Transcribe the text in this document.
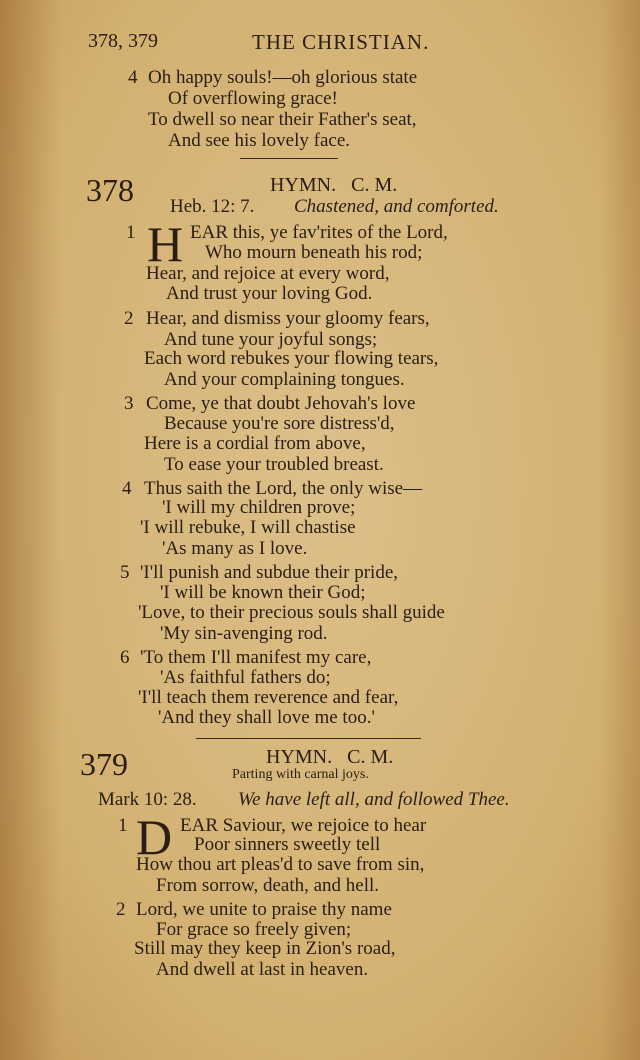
378, 379	THE CHRISTIAN.
4 Oh happy souls!—oh glorious state
Of overflowing grace!
To dwell so near their Father's seat,
And see his lovely face.
378	HYMN.   C. M.
Heb. 12: 7. Chastened, and comforted.
1 H EAR this, ye fav'rites of the Lord,
Who mourn beneath his rod;
Hear, and rejoice at every word,
And trust your loving God.
2 Hear, and dismiss your gloomy fears,
And tune your joyful songs;
Each word rebukes your flowing tears,
And your complaining tongues.
3 Come, ye that doubt Jehovah's love
Because you're sore distress'd,
Here is a cordial from above,
To ease your troubled breast.
4 Thus saith the Lord, the only wise—
'I will my children prove;
'I will rebuke, I will chastise
'As many as I love.
5 'I'll punish and subdue their pride,
'I will be known their God;
'Love, to their precious souls shall guide
'My sin-avenging rod.
6 'To them I'll manifest my care,
'As faithful fathers do;
'I'll teach them reverence and fear,
'And they shall love me too.'
379	HYMN.   C. M.
Parting with carnal joys.
Mark 10: 28. We have left all, and followed Thee.
1 D EAR Saviour, we rejoice to hear
Poor sinners sweetly tell
How thou art pleas'd to save from sin,
From sorrow, death, and hell.
2 Lord, we unite to praise thy name
For grace so freely given;
Still may they keep in Zion's road,
And dwell at last in heaven.
